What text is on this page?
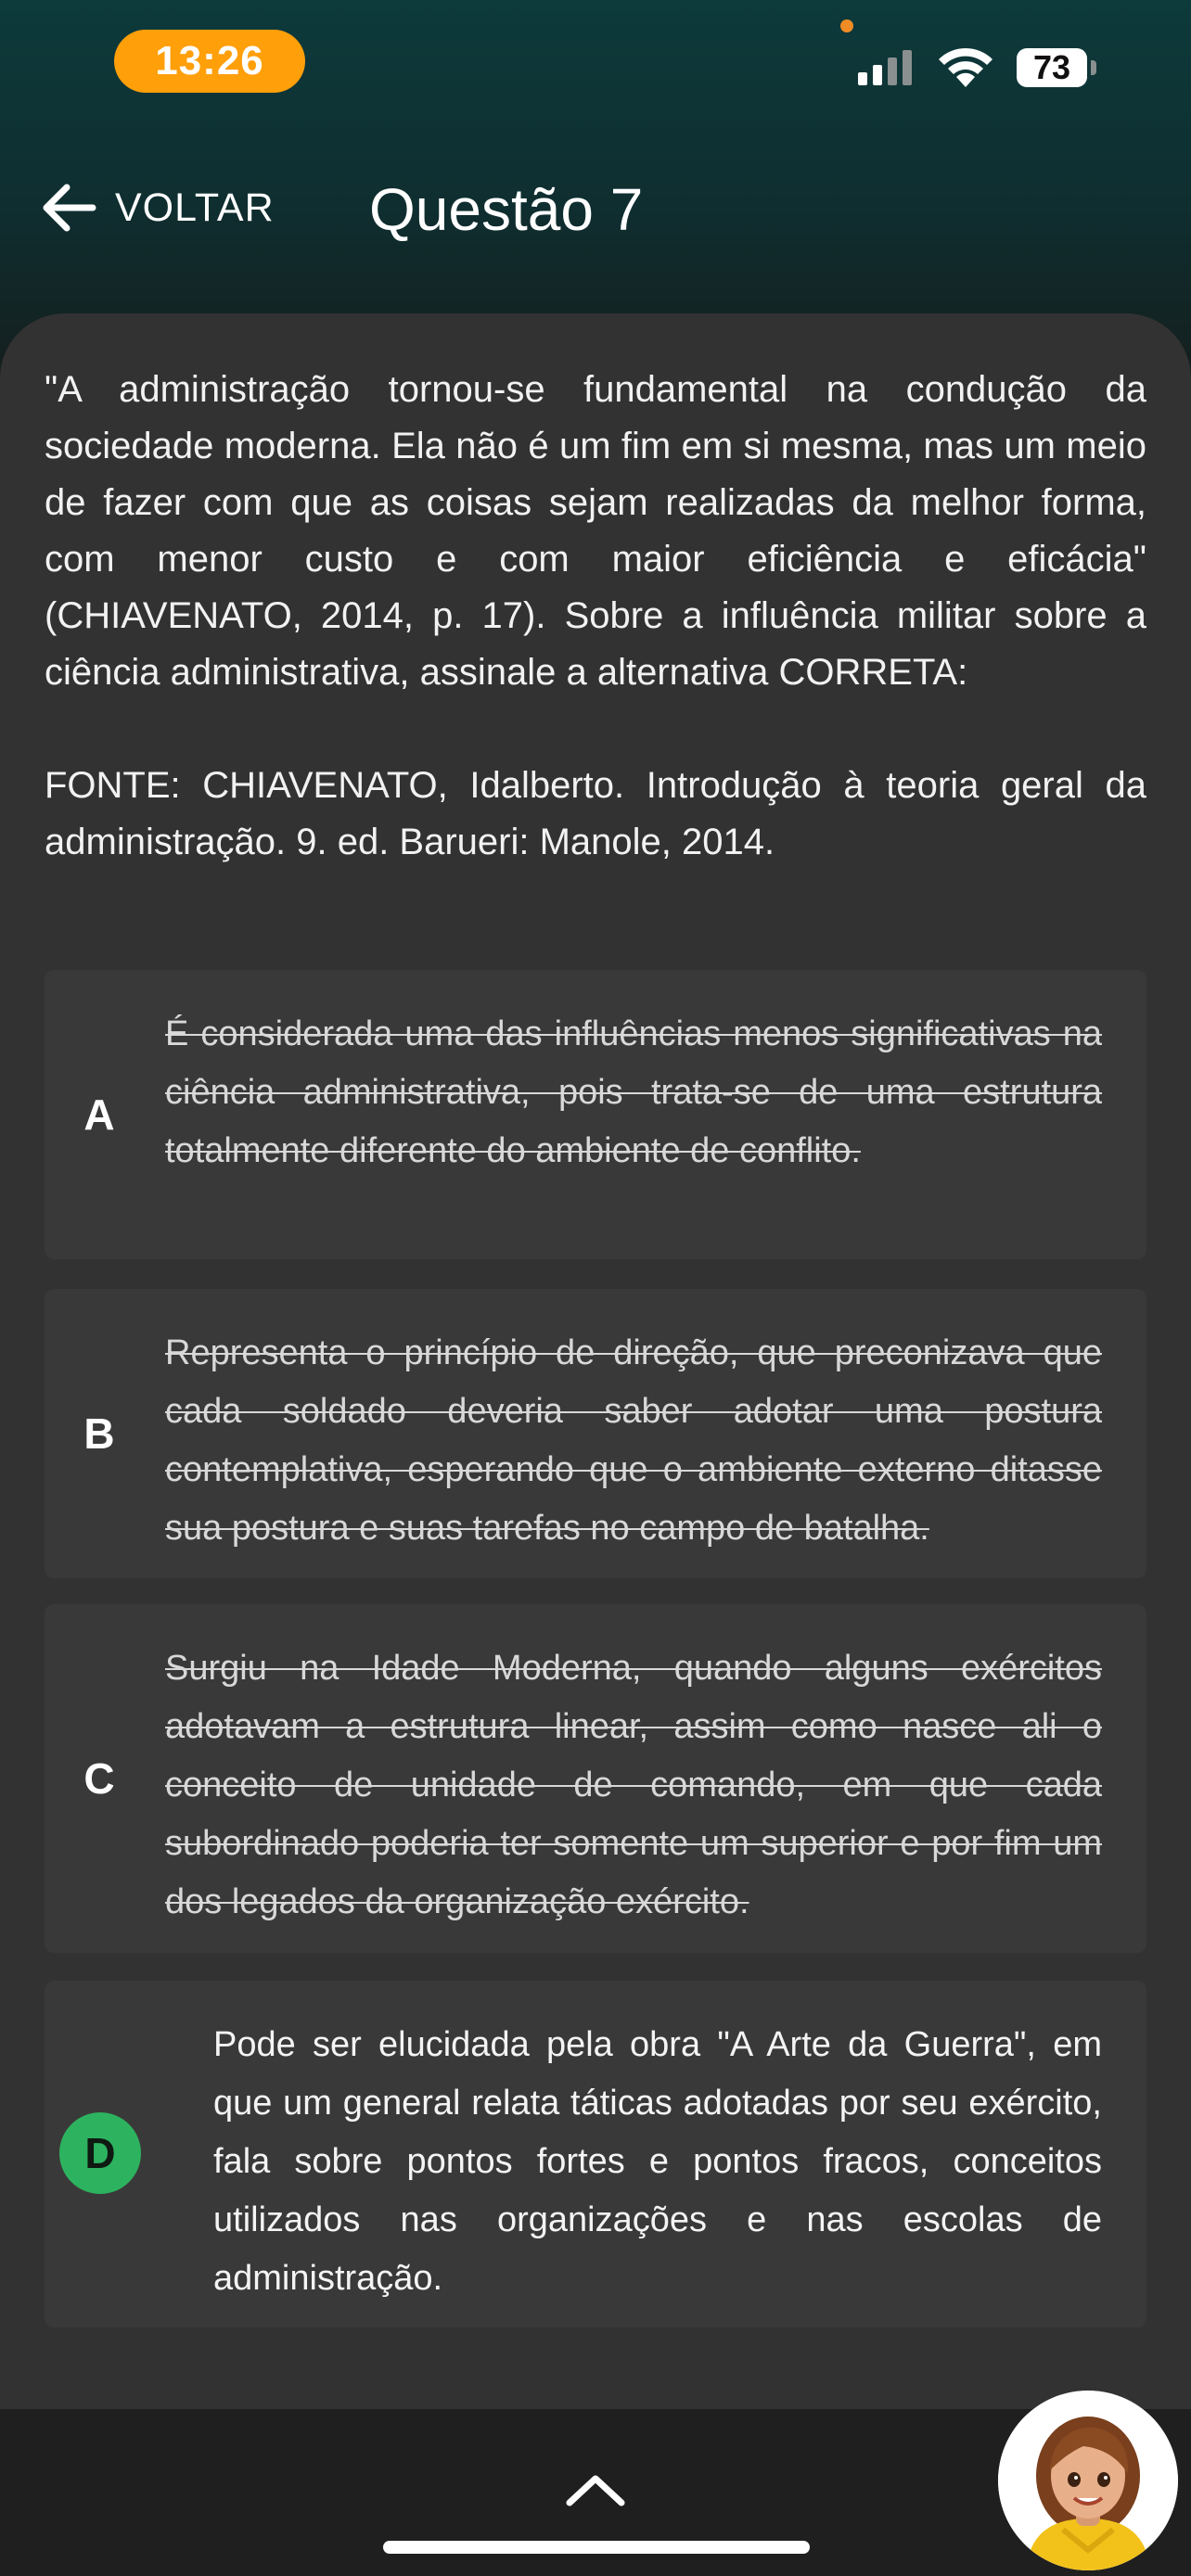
13:26	73
VOLTAR Questão 7
"A administração tornou-se fundamental na condução da sociedade moderna. Ela não é um fim em si mesma, mas um meio de fazer com que as coisas sejam realizadas da melhor forma, com menor custo e com maior eficiência e eficácia" (CHIAVENATO, 2014, p. 17). Sobre a influência militar sobre a ciência administrativa, assinale a alternativa CORRETA:

FONTE: CHIAVENATO, Idalberto. Introdução à teoria geral da administração. 9. ed. Barueri: Manole, 2014.
A
É considerada uma das influências menos significativas na ciência administrativa, pois trata-se de uma estrutura totalmente diferente do ambiente de conflito.
B
Representa o princípio de direção, que preconizava que cada soldado deveria saber adotar uma postura contemplativa, esperando que o ambiente externo ditasse sua postura e suas tarefas no campo de batalha.
C
Surgiu na Idade Moderna, quando alguns exércitos adotavam a estrutura linear, assim como nasce ali o conceito de unidade de comando, em que cada subordinado poderia ter somente um superior e por fim um dos legados da organização exército.
D
Pode ser elucidada pela obra "A Arte da Guerra", em que um general relata táticas adotadas por seu exército, fala sobre pontos fortes e pontos fracos, conceitos utilizados nas organizações e nas escolas de administração.
